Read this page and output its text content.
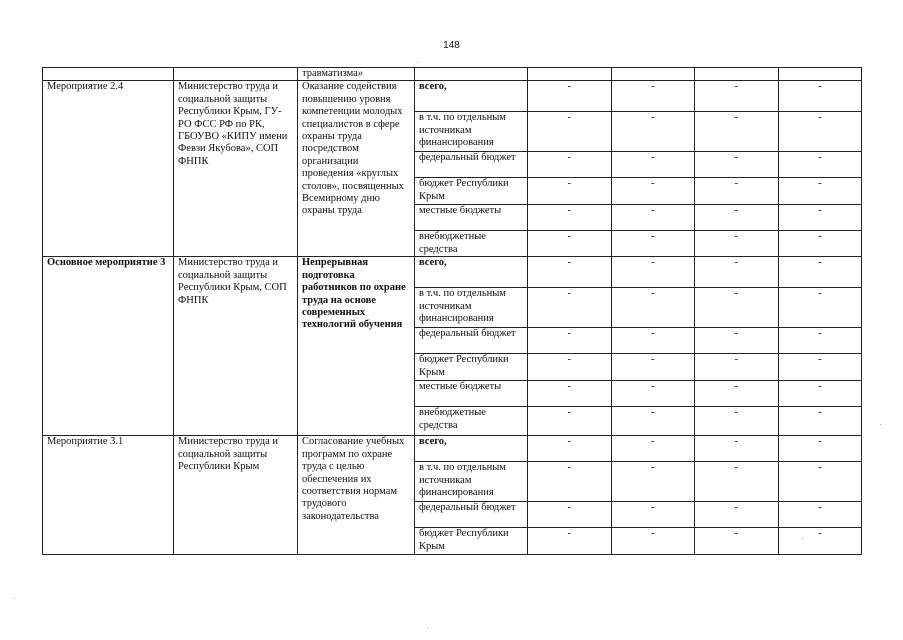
148
		травматизма»					
Мероприятие 2.4	Министерство труда и социальной защиты Республики Крым, ГУ-РО ФСС РФ по РК, ГБОУВО «КИПУ имени Февзи Якубова», СОП ФНПК	Оказание содействия повышению уровня компетенции молодых специалистов в сфере охраны труда посредством организации проведения «круглых столов», посвященных Всемирному дню охраны труда	всего,	-	-	-	-
			в т.ч. по отдельным источникам финансирования	-	-	-	-
			федеральный бюджет	-	-	-	-
			бюджет Республики Крым	-	-	-	-
			местные бюджеты	-	-	-	-
			внебюджетные средства	-	-	-	-
Основное мероприятие 3	Министерство труда и социальной защиты Республики Крым, СОП ФНПК	Непрерывная подготовка работников по охране труда на основе современных технологий обучения	всего,	-	-	-	-
			в т.ч. по отдельным источникам финансирования	-	-	-	-
			федеральный бюджет	-	-	-	-
			бюджет Республики Крым	-	-	-	-
			местные бюджеты	-	-	-	-
			внебюджетные средства	-	-	-	-
Мероприятие 3.1	Министерство труда и социальной защиты Республики Крым	Согласование учебных программ по охране труда с целью обеспечения их соответствия нормам трудового законодательства	всего,	-	-	-	-
			в т.ч. по отдельным источникам финансирования	-	-	-	-
			федеральный бюджет	-	-	-	-
			бюджет Республики Крым	-	-	-	-
